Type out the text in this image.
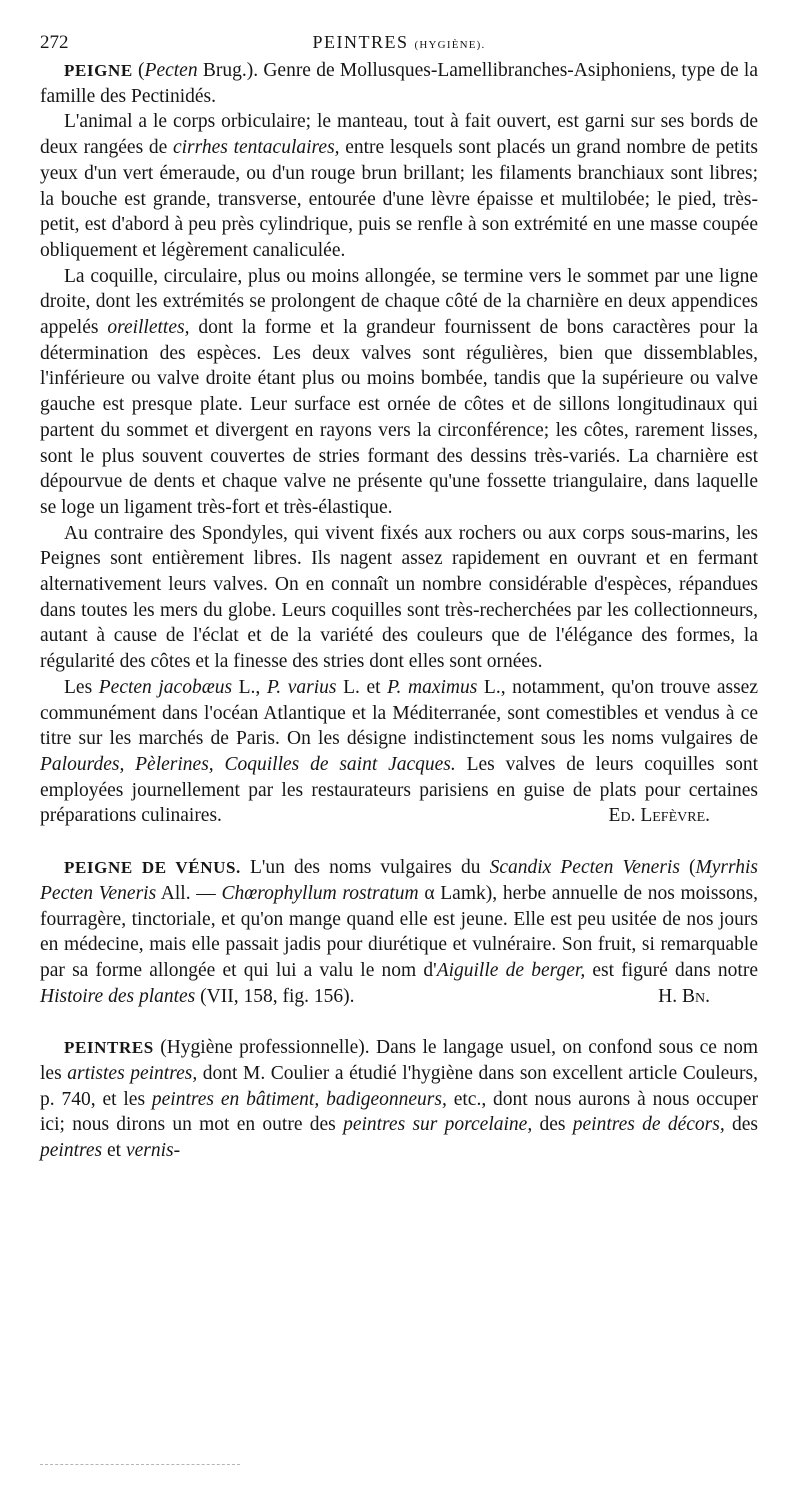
272	PEINTRES (HYGIÈNE).

PEIGNE (Pecten Brug.). Genre de Mollusques-Lamellibranches-Asiphoniens, type de la famille des Pectinidés.

L'animal a le corps orbiculaire; le manteau, tout à fait ouvert, est garni sur ses bords de deux rangées de cirrhes tentaculaires, entre lesquels sont placés un grand nombre de petits yeux d'un vert émeraude, ou d'un rouge brun brillant; les filaments branchiaux sont libres; la bouche est grande, transverse, entourée d'une lèvre épaisse et multilobée; le pied, très-petit, est d'abord à peu près cylindrique, puis se renfle à son extrémité en une masse coupée obliquement et légèrement canaliculée.

La coquille, circulaire, plus ou moins allongée, se termine vers le sommet par une ligne droite, dont les extrémités se prolongent de chaque côté de la charnière en deux appendices appelés oreillettes, dont la forme et la grandeur fournissent de bons caractères pour la détermination des espèces. Les deux valves sont régulières, bien que dissemblables, l'inférieure ou valve droite étant plus ou moins bombée, tandis que la supérieure ou valve gauche est presque plate. Leur surface est ornée de côtes et de sillons longitudinaux qui partent du sommet et divergent en rayons vers la circonférence; les côtes, rarement lisses, sont le plus souvent couvertes de stries formant des dessins très-variés. La charnière est dépourvue de dents et chaque valve ne présente qu'une fossette triangulaire, dans laquelle se loge un ligament très-fort et très-élastique.

Au contraire des Spondyles, qui vivent fixés aux rochers ou aux corps sous-marins, les Peignes sont entièrement libres. Ils nagent assez rapidement en ouvrant et en fermant alternativement leurs valves. On en connaît un nombre considérable d'espèces, répandues dans toutes les mers du globe. Leurs coquilles sont très-recherchées par les collectionneurs, autant à cause de l'éclat et de la variété des couleurs que de l'élégance des formes, la régularité des côtes et la finesse des stries dont elles sont ornées.

Les Pecten jacobæus L., P. varius L. et P. maximus L., notamment, qu'on trouve assez communément dans l'océan Atlantique et la Méditerranée, sont comestibles et vendus à ce titre sur les marchés de Paris. On les désigne indistinctement sous les noms vulgaires de Palourdes, Pèlerines, Coquilles de saint Jacques. Les valves de leurs coquilles sont employées journellement par les restaurateurs parisiens en guise de plats pour certaines préparations culinaires.	Ed. Lefèvre.

PEIGNE DE VÉNUS. L'un des noms vulgaires du Scandix Pecten Veneris (Myrrhis Pecten Veneris All. — Chœrophyllum rostratum α Lamk), herbe annuelle de nos moissons, fourragère, tinctoriale, et qu'on mange quand elle est jeune. Elle est peu usitée de nos jours en médecine, mais elle passait jadis pour diurétique et vulnéraire. Son fruit, si remarquable par sa forme allongée et qui lui a valu le nom d'Aiguille de berger, est figuré dans notre Histoire des plantes (VII, 158, fig. 156).	H. Bn.

PEINTRES (Hygiène professionnelle). Dans le langage usuel, on confond sous ce nom les artistes peintres, dont M. Coulier a étudié l'hygiène dans son excellent article Couleurs, p. 740, et les peintres en bâtiment, badigeonneurs, etc., dont nous aurons à nous occuper ici; nous dirons un mot en outre des peintres sur porcelaine, des peintres de décors, des peintres et vernis-
